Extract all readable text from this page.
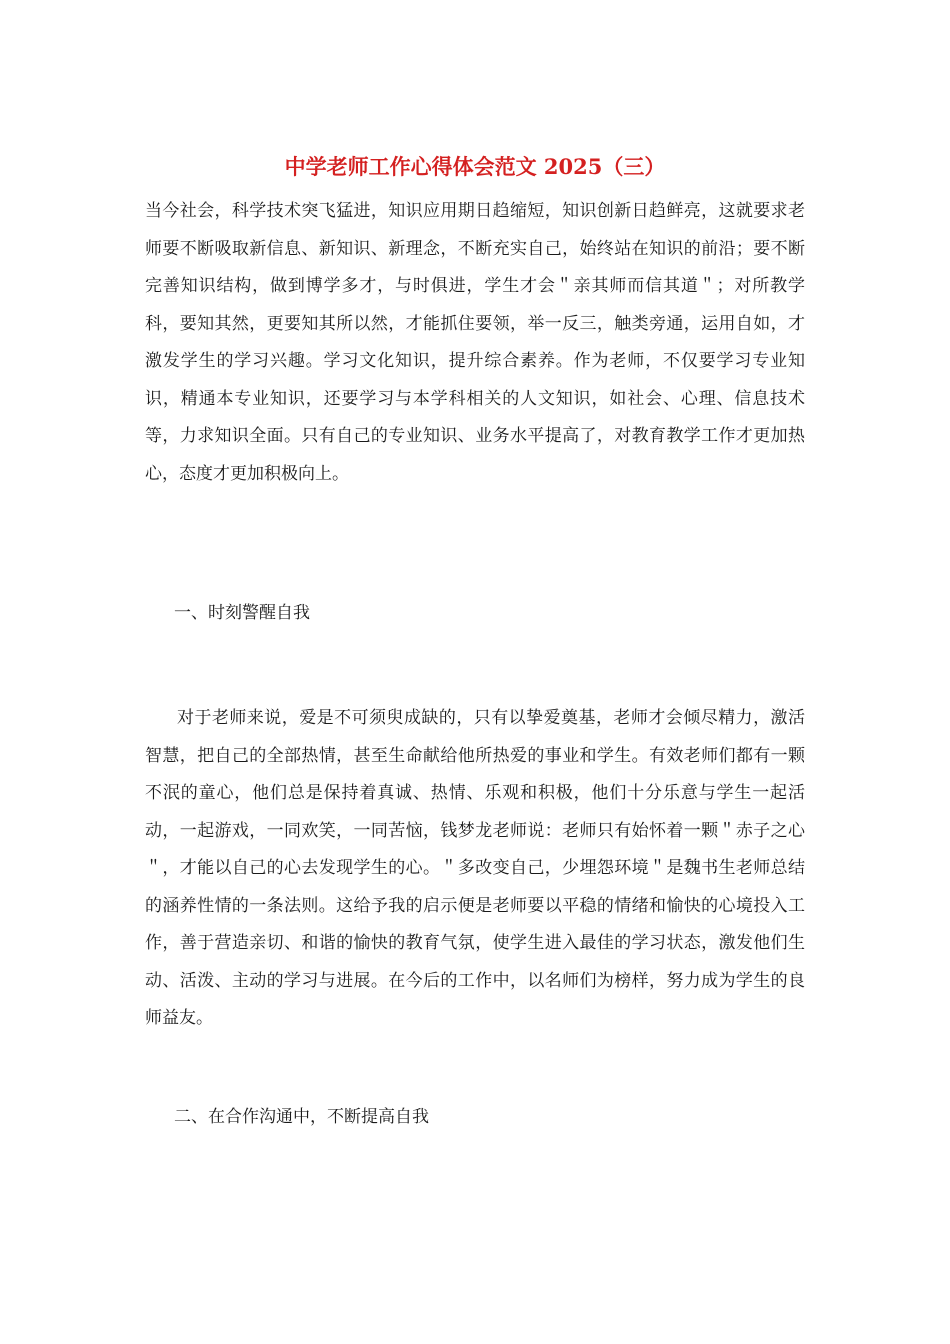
中学老师工作心得体会范文 2025（三）

当今社会，科学技术突飞猛进，知识应用期日趋缩短，知识创新日趋鲜亮，这就要求老师要不断吸取新信息、新知识、新理念，不断充实自己，始终站在知识的前沿；要不断完善知识结构，做到博学多才，与时俱进，学生才会＂亲其师而信其道＂；对所教学科，要知其然，更要知其所以然，才能抓住要领，举一反三，触类旁通，运用自如，才激发学生的学习兴趣。学习文化知识，提升综合素养。作为老师，不仅要学习专业知识，精通本专业知识，还要学习与本学科相关的人文知识，如社会、心理、信息技术等，力求知识全面。只有自己的专业知识、业务水平提高了，对教育教学工作才更加热心，态度才更加积极向上。

一、时刻警醒自我

对于老师来说，爱是不可须臾成缺的，只有以挚爱奠基，老师才会倾尽精力，激活智慧，把自己的全部热情，甚至生命献给他所热爱的事业和学生。有效老师们都有一颗不泯的童心，他们总是保持着真诚、热情、乐观和积极，他们十分乐意与学生一起活动，一起游戏，一同欢笑，一同苦恼，钱梦龙老师说：老师只有始怀着一颗＂赤子之心＂，才能以自己的心去发现学生的心。＂多改变自己，少埋怨环境＂是魏书生老师总结的涵养性情的一条法则。这给予我的启示便是老师要以平稳的情绪和愉快的心境投入工作，善于营造亲切、和谐的愉快的教育气氛，使学生进入最佳的学习状态，激发他们生动、活泼、主动的学习与进展。在今后的工作中，以名师们为榜样，努力成为学生的良师益友。

二、在合作沟通中，不断提高自我
